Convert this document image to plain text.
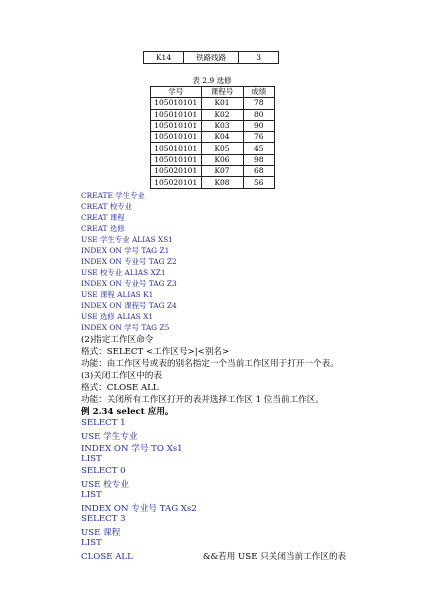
K14	铁路线路	3
表 2.9 选修
学号	课程号	成绩
105010101	K01	78
105010101	K02	80
105010101	K03	90
105010101	K04	76
105010101	K05	45
105010101	K06	98
105020101	K07	68
105020101	K08	56
CREATE 学生专业
CREAT 校专业
CREAT 课程
CREAT 选修
USE 学生专业 ALIAS XS1
INDEX ON 学号 TAG Z1
INDEX ON 专业号 TAG Z2
USE 校专业 ALIAS XZ1
INDEX ON 专业号 TAG Z3
USE 课程 ALIAS K1
INDEX ON 课程号 TAG Z4
USE 选修 ALIAS X1
INDEX ON 学号 TAG Z5
(2)指定工作区命令
格式：SELECT <工作区号>|<别名>
功能：由工作区号或表的别名指定一个当前工作区用于打开一个表。
(3)关闭工作区中的表
格式：CLOSE ALL
功能：关闭所有工作区打开的表并选择工作区 1 位当前工作区。
例 2.34 select 应用。
SELECT 1
USE 学生专业
INDEX ON 学号 TO Xs1
LIST
SELECT 0
USE 校专业
LIST
INDEX ON 专业号 TAG Xs2
SELECT 3
USE 课程
LIST
CLOSE ALL	&&若用 USE 只关闭当前工作区的表
